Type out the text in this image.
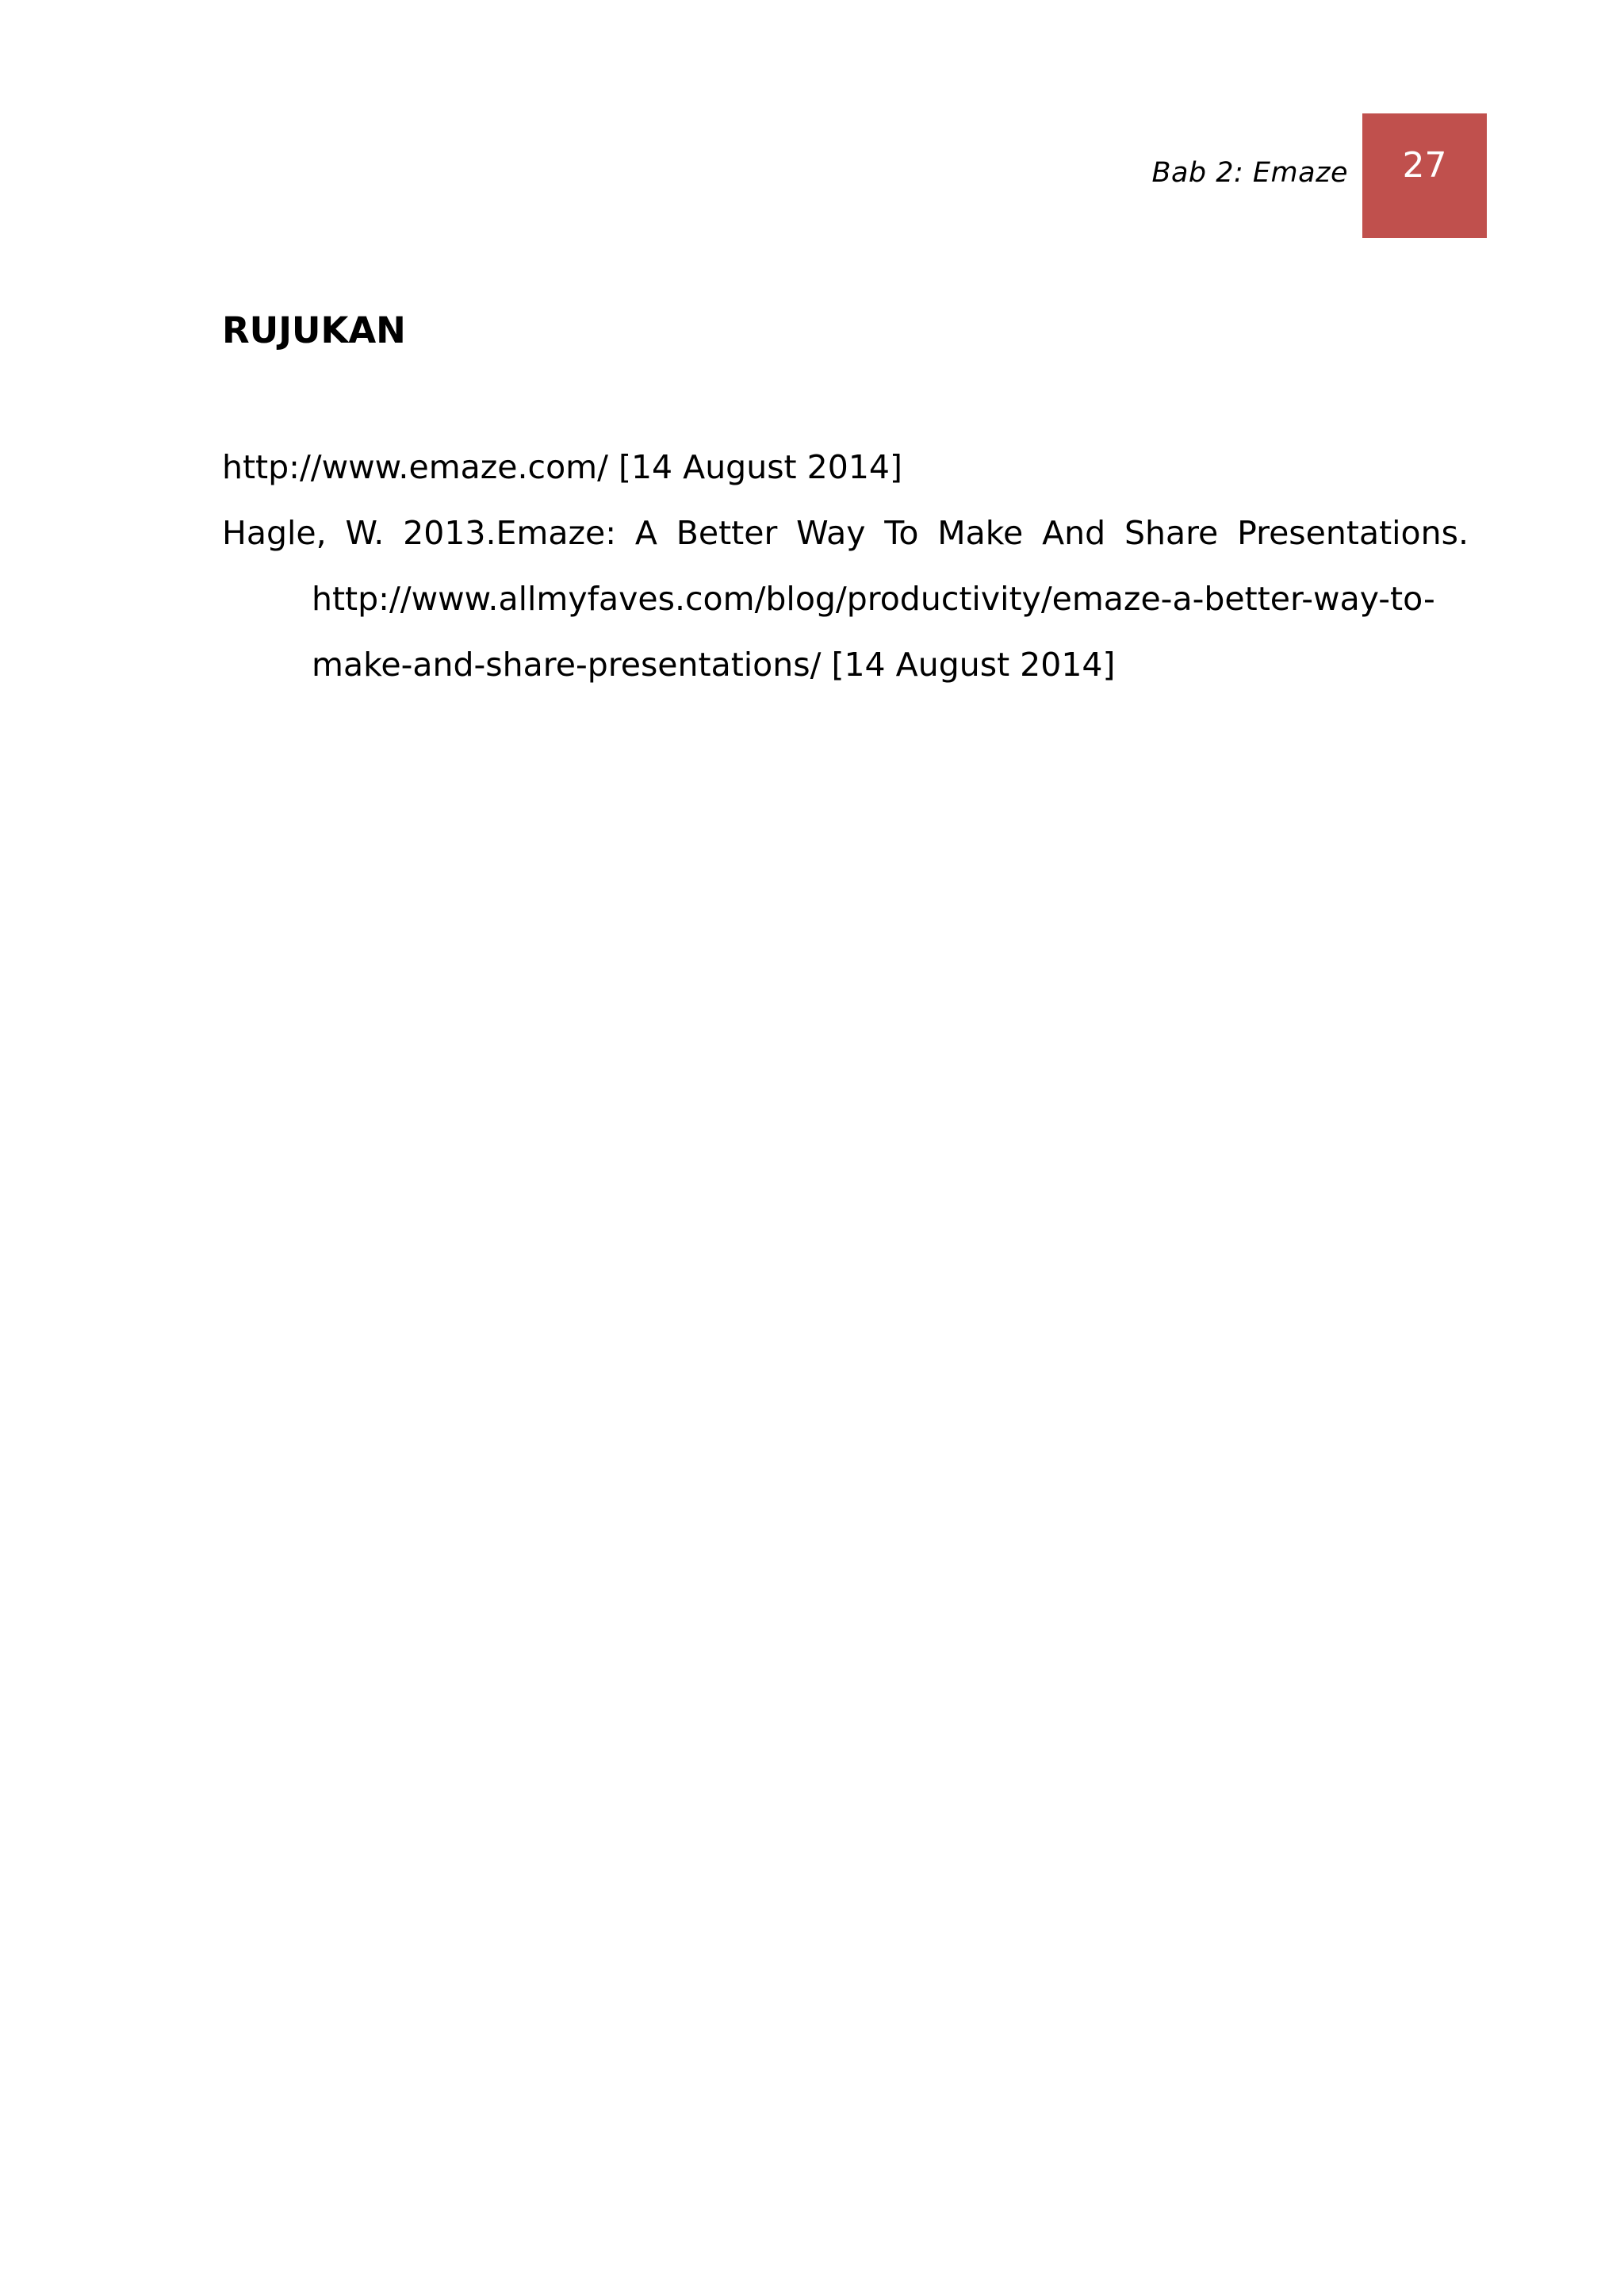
Bab 2: Emaze	27
RUJUKAN
http://www.emaze.com/ [14 August 2014]
Hagle, W. 2013.Emaze: A Better Way To Make And Share Presentations. http://www.allmyfaves.com/blog/productivity/emaze-a-better-way-to-make-and-share-presentations/ [14 August 2014]
